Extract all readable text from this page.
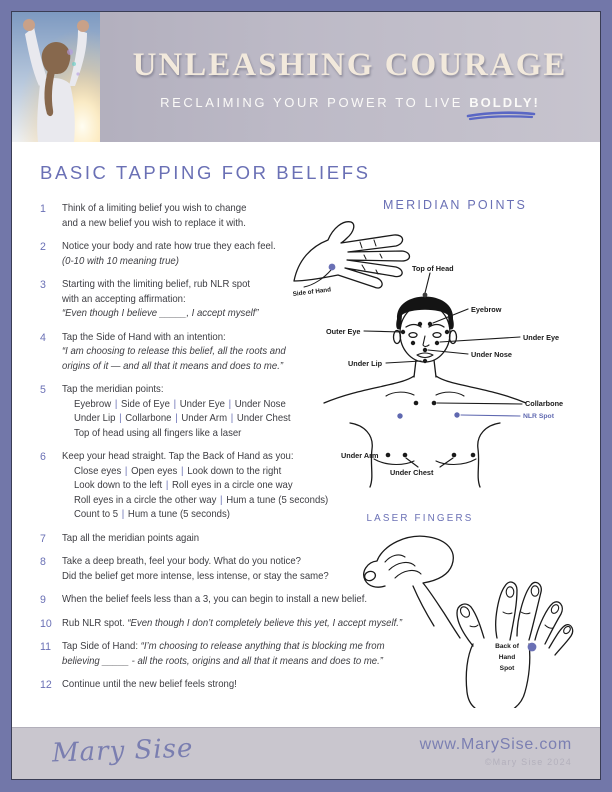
UNLEASHING COURAGE
RECLAIMING YOUR POWER TO LIVE BOLDLY!
BASIC TAPPING FOR BELIEFS
1	Think of a limiting belief you wish to change
and a new belief you wish to replace it with.
2	Notice your body and rate how true they each feel.
(0-10 with 10 meaning true)
3	Starting with the limiting belief, rub NLR spot
with an accepting affirmation:
“Even though I believe _____, I accept myself”
4	Tap the Side of Hand with an intention:
“I am choosing to release this belief, all the roots and
origins of it — and all that it means and does to me.”
5	Tap the meridian points:
Eyebrow | Side of Eye | Under Eye | Under Nose
Under Lip | Collarbone | Under Arm | Under Chest
Top of head using all fingers like a laser
6	Keep your head straight. Tap the Back of Hand as you:
Close eyes | Open eyes | Look down to the right
Look down to the left | Roll eyes in a circle one way
Roll eyes in a circle the other way | Hum a tune (5 seconds)
Count to 5 | Hum a tune (5 seconds)
7	Tap all the meridian points again
8	Take a deep breath, feel your body. What do you notice?
Did the belief get more intense, less intense, or stay the same?
9	When the belief feels less than a 3, you can begin to install a new belief.
10 Rub NLR spot. “Even though I don’t completely believe this yet, I accept myself.”
11	Tap Side of Hand: “I’m choosing to release anything that is blocking me from
believing _____ - all the roots, origins and all that it means and does to me.”
12 Continue until the new belief feels strong!
MERIDIAN POINTS
Side of Hand
Top of Head
Eyebrow
Outer Eye
Under Eye
Under Nose
Under Lip
Collarbone
NLR Spot
Under Arm
Under Chest
LASER FINGERS
Back of
Hand
Spot
Mary Sise	www.MarySise.com
©Mary Sise 2024
